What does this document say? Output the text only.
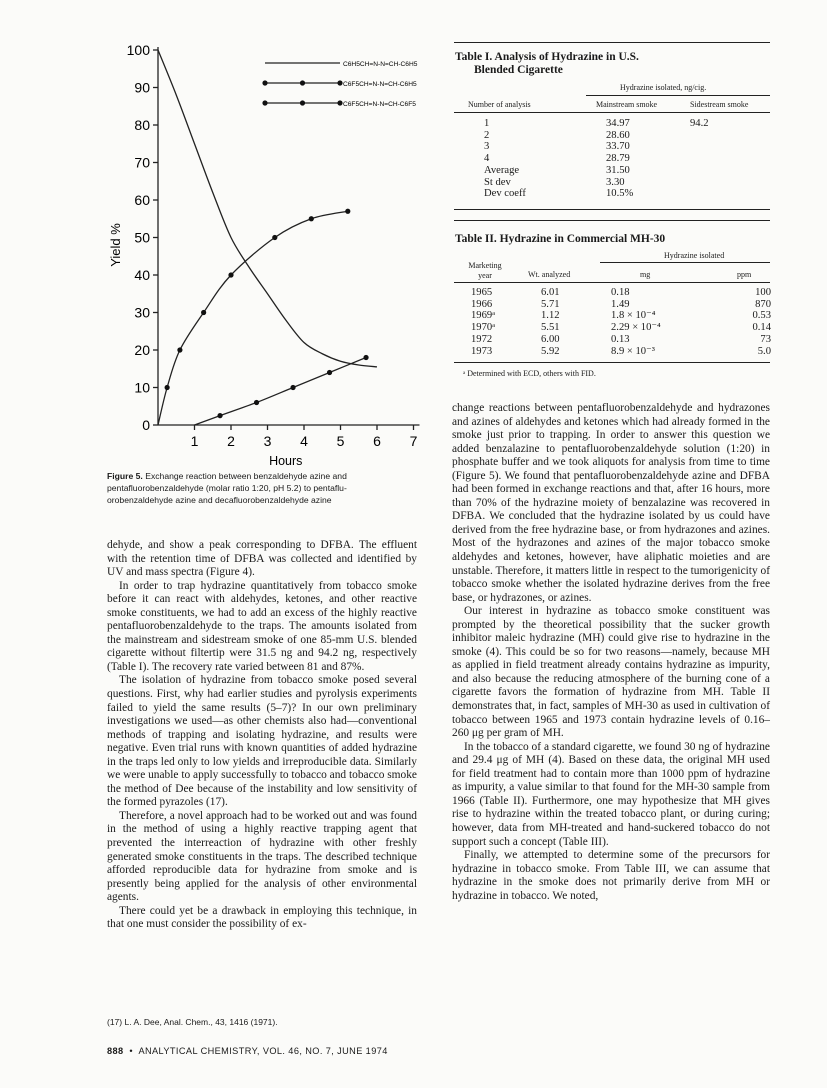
0
10
20
30
40
50
60
70
80
90
100
1 2 3 4 5 6 7
Hours
Yield %
C6H5CH=N-N=CH-C6H5
C6F5CH=N-N=CH-C6H5
C6F5CH=N-N=CH-C6F5
Figure 5. Exchange reaction between benzaldehyde azine and
pentafluorobenzaldehyde (molar ratio 1:20, pH 5.2) to pentaflu-
orobenzaldehyde azine and decafluorobenzaldehyde azine
Table I. Analysis of Hydrazine in U.S.
Blended Cigarette
Hydrazine isolated, ng/cig.
Number of analysis	Mainstream smoke	Sidestream smoke
1	34.97	94.2
2	28.60	
3	33.70	
4	28.79	
Average	31.50	
St dev	3.30	
Dev coeff	10.5%	
Table II. Hydrazine in Commercial MH-30
Hydrazine isolated
Marketing year	Wt. analyzed	mg	ppm
1965	6.01	0.18	100
1966	5.71	1.49	870
1969ᵃ	1.12	1.8 × 10⁻⁴	0.53
1970ᵃ	5.51	2.29 × 10⁻⁴	0.14
1972	6.00	0.13	73
1973	5.92	8.9 × 10⁻³	5.0
ᵃ Determined with ECD, others with FID.

dehyde, and show a peak corresponding to DFBA. The effluent with the retention time of DFBA was collected and identified by UV and mass spectra (Figure 4).

In order to trap hydrazine quantitatively from tobacco smoke before it can react with aldehydes, ketones, and other reactive smoke constituents, we had to add an excess of the highly reactive pentafluorobenzaldehyde to the traps. The amounts isolated from the mainstream and sidestream smoke of one 85-mm U.S. blended cigarette without filtertip were 31.5 ng and 94.2 ng, respectively (Table I). The recovery rate varied between 81 and 87%.

The isolation of hydrazine from tobacco smoke posed several questions. First, why had earlier studies and pyrolysis experiments failed to yield the same results (5–7)? In our own preliminary investigations we used—as other chemists also had—conventional methods of trapping and isolating hydrazine, and results were negative. Even trial runs with known quantities of added hydrazine in the traps led only to low yields and irreproducible data. Similarly we were unable to apply successfully to tobacco and tobacco smoke the method of Dee because of the instability and low sensitivity of the formed pyrazoles (17).

Therefore, a novel approach had to be worked out and was found in the method of using a highly reactive trapping agent that prevented the interreaction of hydrazine with other freshly generated smoke constituents in the traps. The described technique afforded reproducible data for hydrazine from smoke and is presently being applied for the analysis of other environmental agents.

There could yet be a drawback in employing this technique, in that one must consider the possibility of ex-

change reactions between pentafluorobenzaldehyde and hydrazones and azines of aldehydes and ketones which had already formed in the smoke just prior to trapping. In order to answer this question we added benzalazine to pentafluorobenzaldehyde solution (1:20) in phosphate buffer and we took aliquots for analysis from time to time (Figure 5). We found that pentafluorobenzaldehyde azine and DFBA had been formed in exchange reactions and that, after 16 hours, more than 70% of the hydrazine moiety of benzalazine was recovered in DFBA. We concluded that the hydrazine isolated by us could have derived from the free hydrazine base, or from hydrazones and azines. Most of the hydrazones and azines of the major tobacco smoke aldehydes and ketones, however, have aliphatic moieties and are unstable. Therefore, it matters little in respect to the tumorigenicity of tobacco smoke whether the isolated hydrazine derives from the free base, or hydrazones, or azines.

Our interest in hydrazine as tobacco smoke constituent was prompted by the theoretical possibility that the sucker growth inhibitor maleic hydrazine (MH) could give rise to hydrazine in the smoke (4). This could be so for two reasons—namely, because MH as applied in field treatment already contains hydrazine as impurity, and also because the reducing atmosphere of the burning cone of a cigarette favors the formation of hydrazine from MH. Table II demonstrates that, in fact, samples of MH-30 as used in cultivation of tobacco between 1965 and 1973 contain hydrazine levels of 0.16–260 μg per gram of MH.

In the tobacco of a standard cigarette, we found 30 ng of hydrazine and 29.4 μg of MH (4). Based on these data, the original MH used for field treatment had to contain more than 1000 ppm of hydrazine as impurity, a value similar to that found for the MH-30 sample from 1966 (Table II). Furthermore, one may hypothesize that MH gives rise to hydrazine within the treated tobacco plant, or during curing; however, data from MH-treated and hand-suckered tobacco do not support such a concept (Table III).

Finally, we attempted to determine some of the precursors for hydrazine in tobacco smoke. From Table III, we can assume that hydrazine in the smoke does not primarily derive from MH or hydrazine in tobacco. We noted,

(17) L. A. Dee, Anal. Chem., 43, 1416 (1971).
888  •  ANALYTICAL CHEMISTRY, VOL. 46, NO. 7, JUNE 1974
